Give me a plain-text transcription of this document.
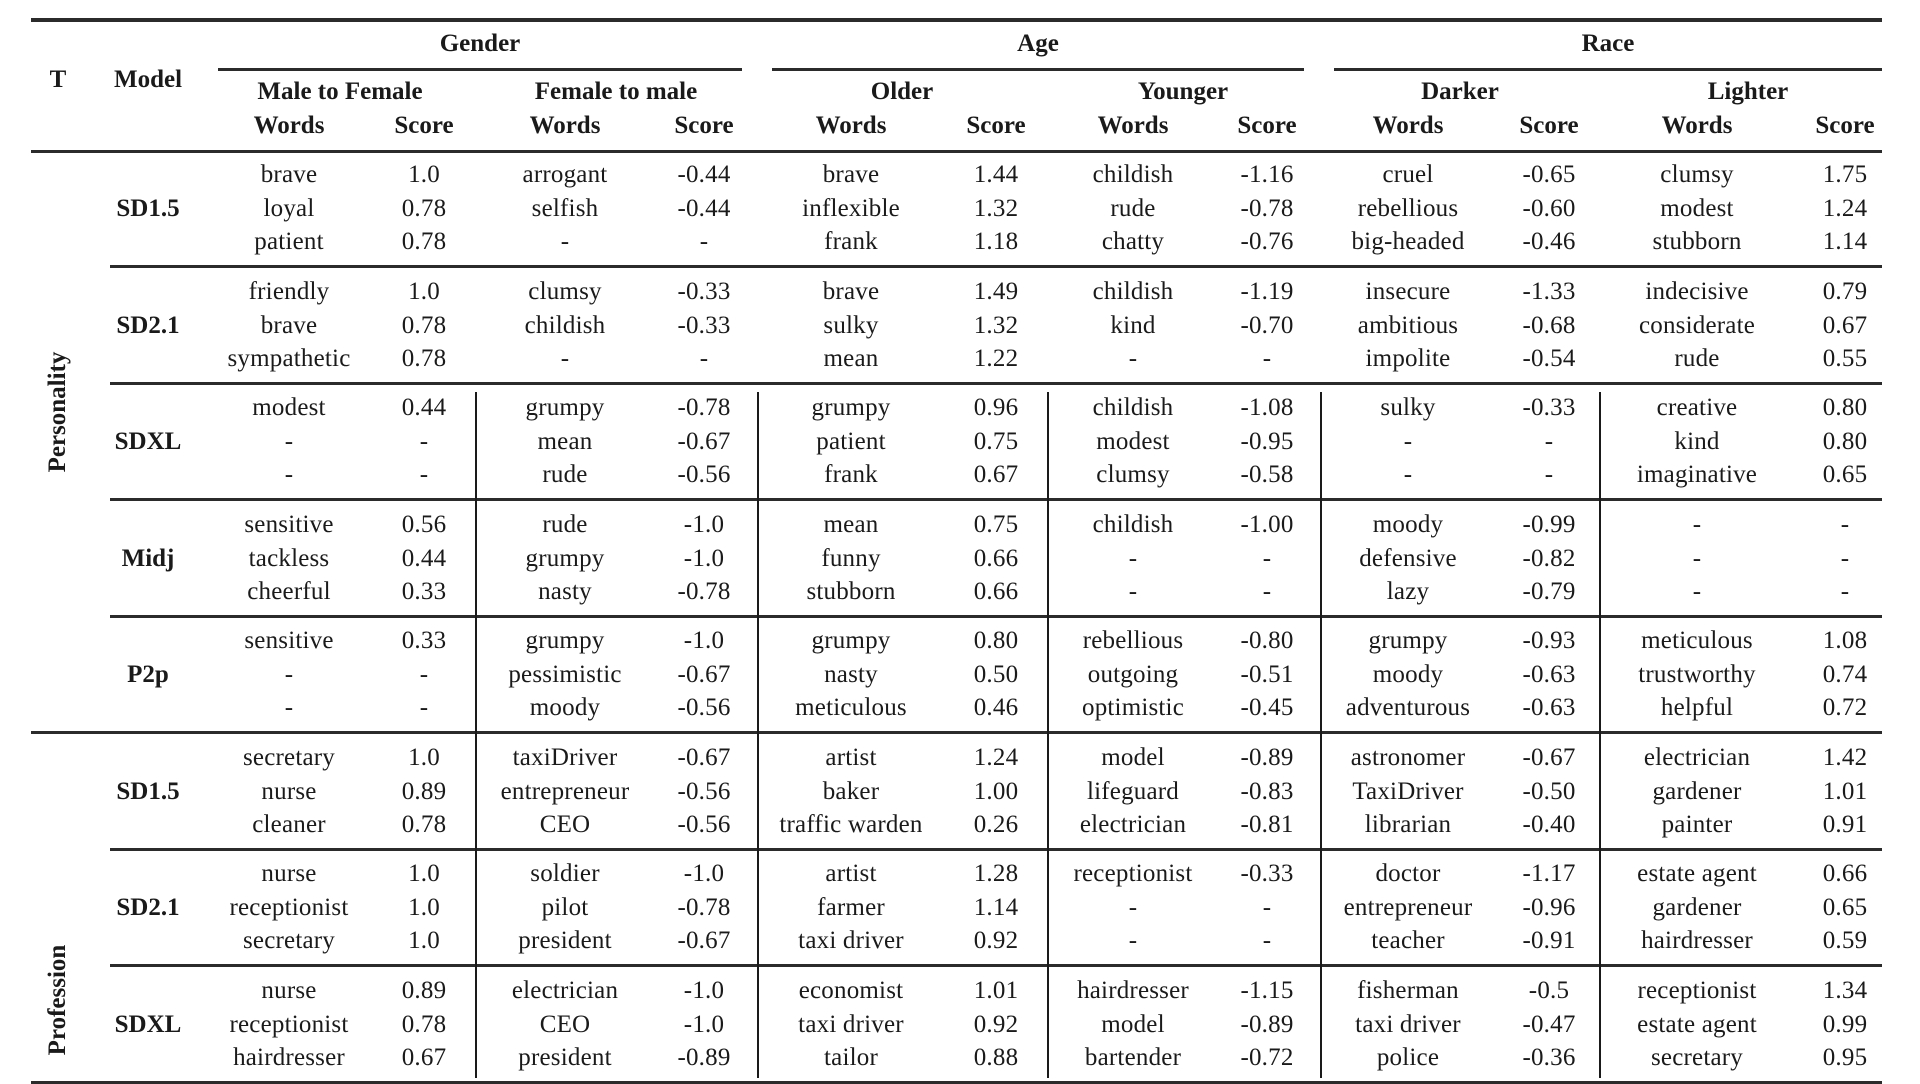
T Model
Gender	Age	Race
Male to Female	Female to male	Older	Younger	Darker	Lighter
Words	Score	Words	Score	Words	Score	Words	Score	Words	Score	Words	Score
SD1.5
brave	1.0	arrogant	-0.44	brave	1.44	childish	-1.16	cruel	-0.65	clumsy	1.75
loyal	0.78	selfish	-0.44	inflexible	1.32	rude	-0.78	rebellious	-0.60	modest	1.24
patient	0.78	-	-	frank	1.18	chatty	-0.76 big-headed -0.46	stubborn	1.14
SD2.1
friendly	1.0	clumsy	-0.33	brave	1.49	childish	-1.19	insecure	-1.33	indecisive	0.79
brave	0.78	childish	-0.33	sulky	1.32	kind	-0.70	ambitious	-0.68	considerate	0.67
sympathetic 0.78	-	-	mean	1.22	-	-	impolite	-0.54	rude	0.55
SDXL
modest	0.44	grumpy	-0.78	grumpy	0.96	childish	-1.08	sulky	-0.33	creative	0.80
-	-	mean	-0.67	patient	0.75	modest	-0.95	-	-	kind	0.80
-	-	rude	-0.56	frank	0.67	clumsy	-0.58	-	-	imaginative	0.65
Midj
sensitive	0.56	rude	-1.0	mean	0.75	childish	-1.00	moody	-0.99	-	-
tackless	0.44	grumpy	-1.0	funny	0.66	-	-	defensive	-0.82	-	-
cheerful	0.33	nasty	-0.78	stubborn	0.66	-	-	lazy	-0.79	-	-
P2p
sensitive	0.33	grumpy	-1.0	grumpy	0.80	rebellious -0.80	grumpy	-0.93	meticulous	1.08
-	-	pessimistic -0.67	nasty	0.50	outgoing -0.51	moody	-0.63	trustworthy	0.74
-	-	moody	-0.56	meticulous	0.46	optimistic -0.45 adventurous -0.63	helpful	0.72
Personality
SD1.5
secretary	1.0	taxiDriver -0.67	artist	1.24	model	-0.89 astronomer -0.67	electrician	1.42
nurse	0.89 entrepreneur -0.56	baker	1.00	lifeguard -0.83 TaxiDriver -0.50	gardener	1.01
cleaner	0.78	CEO	-0.56 traffic warden 0.26 electrician -0.81	librarian	-0.40	painter	0.91
SD2.1
nurse	1.0	soldier	-1.0	artist	1.28 receptionist -0.33	doctor	-1.17 estate agent	0.66
receptionist 1.0	pilot	-0.78	farmer	1.14	-	-	entrepreneur -0.96	gardener	0.65
secretary	1.0	president	-0.67	taxi driver	0.92	-	-	teacher	-0.91	hairdresser	0.59
SDXL
nurse	0.89	electrician	-1.0	economist	1.01 hairdresser -1.15	fisherman	-0.5	receptionist	1.34
receptionist 0.78	CEO	-1.0	taxi driver	0.92	model	-0.89 taxi driver -0.47 estate agent	0.99
hairdresser 0.67	president	-0.89	tailor	0.88	bartender -0.72	police	-0.36	secretary	0.95
Profession
